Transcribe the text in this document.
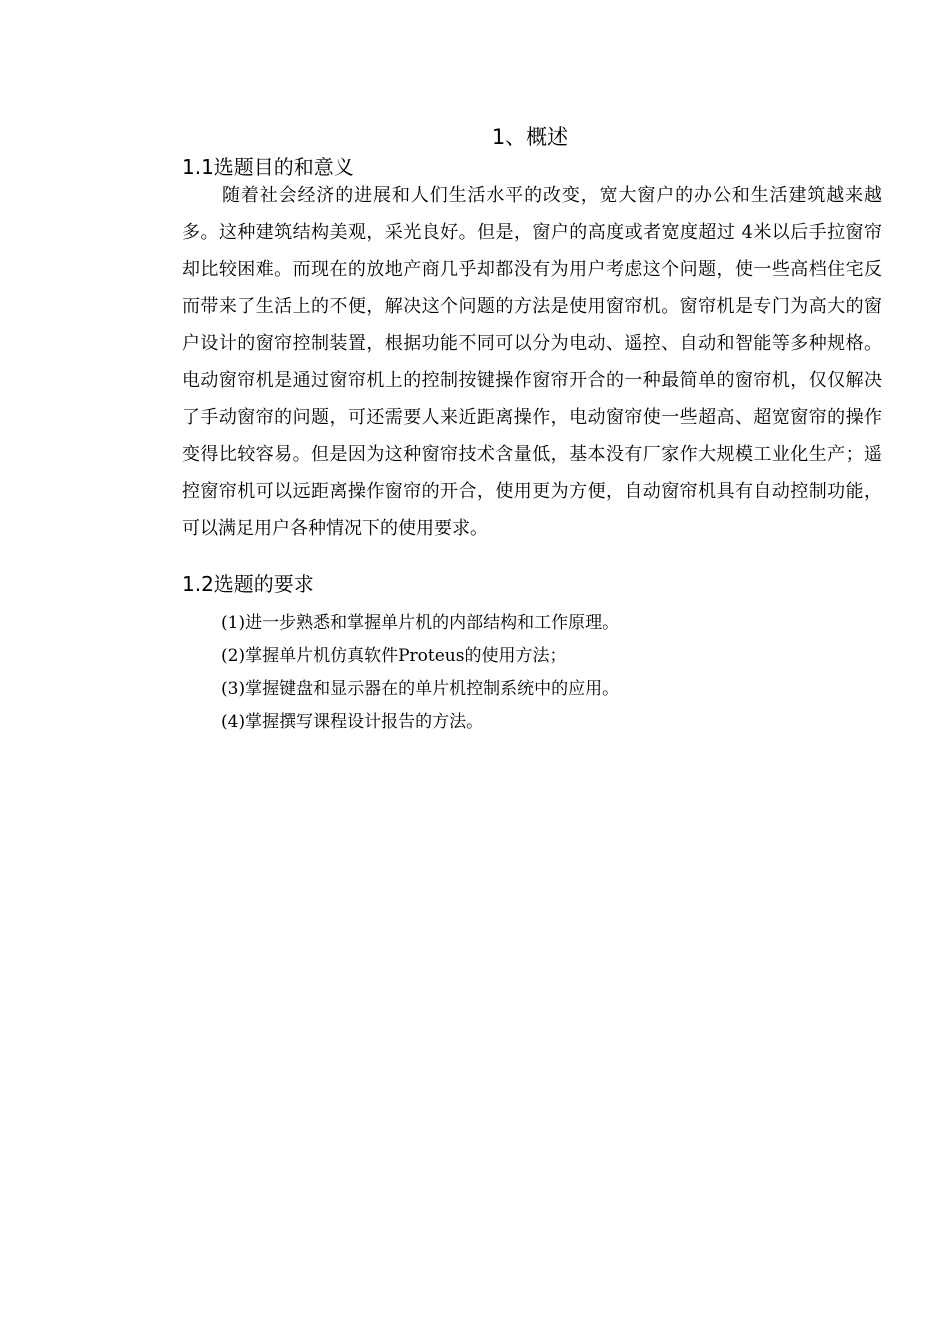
1、概述
1.1选题目的和意义

随着社会经济的进展和人们生活水平的改变，宽大窗户的办公和生活建筑越来越多。这种建筑结构美观，采光良好。但是，窗户的高度或者宽度超过 4米以后手拉窗帘却比较困难。而现在的放地产商几乎却都没有为用户考虑这个问题，使一些高档住宅反而带来了生活上的不便，解决这个问题的方法是使用窗帘机。窗帘机是专门为高大的窗户设计的窗帘控制装置，根据功能不同可以分为电动、遥控、自动和智能等多种规格。电动窗帘机是通过窗帘机上的控制按键操作窗帘开合的一种最简单的窗帘机，仅仅解决了手动窗帘的问题，可还需要人来近距离操作，电动窗帘使一些超高、超宽窗帘的操作变得比较容易。但是因为这种窗帘技术含量低，基本没有厂家作大规模工业化生产；遥控窗帘机可以远距离操作窗帘的开合，使用更为方便，自动窗帘机具有自动控制功能，可以满足用户各种情况下的使用要求。

1.2选题的要求
(1)进一步熟悉和掌握单片机的内部结构和工作原理。
(2)掌握单片机仿真软件Proteus的使用方法；
(3)掌握键盘和显示器在的单片机控制系统中的应用。
(4)掌握撰写课程设计报告的方法。
